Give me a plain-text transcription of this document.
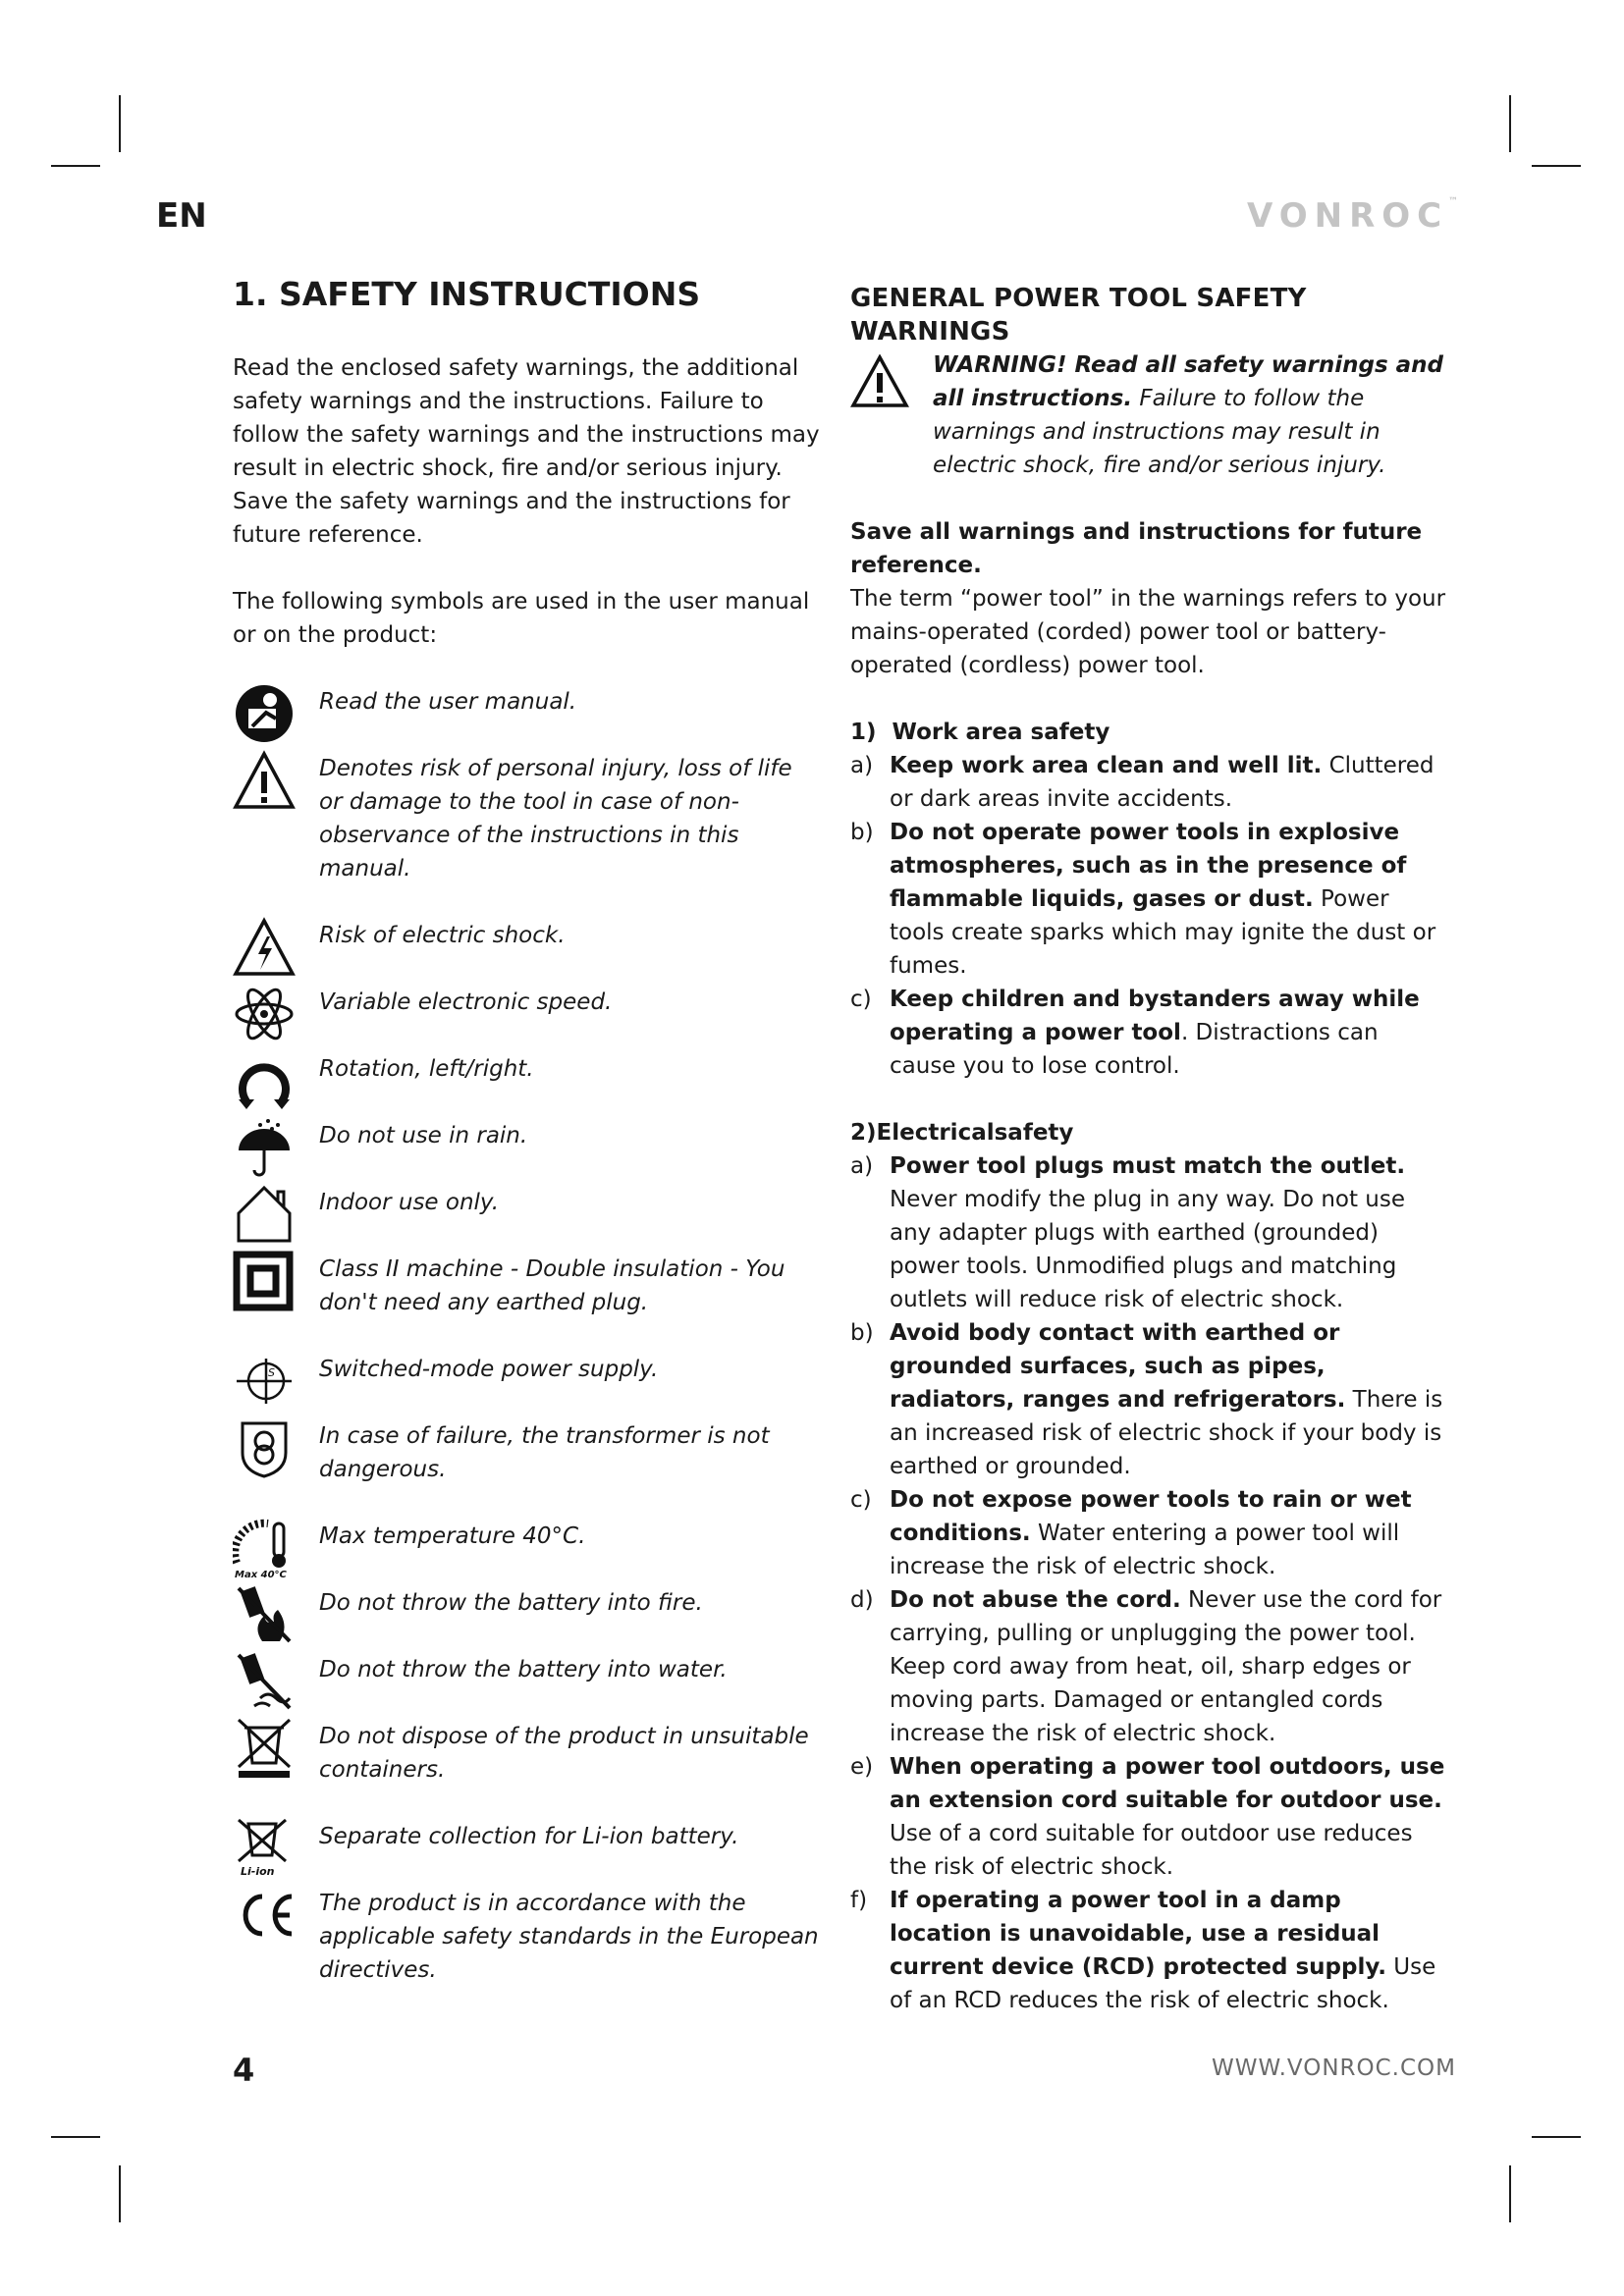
EN	VONROC™
1. SAFETY INSTRUCTIONS

Read the enclosed safety warnings, the additional safety warnings and the instructions. Failure to follow the safety warnings and the instructions may result in electric shock, fire and/or serious injury. Save the safety warnings and the instructions for future reference.

The following symbols are used in the user manual or on the product:

Read the user manual.
Denotes risk of personal injury, loss of life or damage to the tool in case of non-observance of the instructions in this manual.
Risk of electric shock.
Variable electronic speed.
Rotation, left/right.
Do not use in rain.
Indoor use only.
Class II machine - Double insulation - You don't need any earthed plug.
S Switched-mode power supply.
In case of failure, the transformer is not dangerous.
Max 40°C
Max temperature 40°C.
Do not throw the battery into fire.
Do not throw the battery into water.
Do not dispose of the product in unsuitable containers.
Li-ion
Separate collection for Li-ion battery.
The product is in accordance with the applicable safety standards in the European directives.
GENERAL POWER TOOL SAFETY WARNINGS
WARNING! Read all safety warnings and all instructions. Failure to follow the warnings and instructions may result in electric shock, fire and/or serious injury.
Save all warnings and instructions for future reference.

The term “power tool” in the warnings refers to your mains-operated (corded) power tool or battery-operated (cordless) power tool.

1)  Work area safety
a) Keep work area clean and well lit. Cluttered or dark areas invite accidents.
b) Do not operate power tools in explosive atmospheres, such as in the presence of flammable liquids, gases or dust. Power tools create sparks which may ignite the dust or fumes.
c) Keep children and bystanders away while operating a power tool. Distractions can cause you to lose control.
2)Electricalsafety
a) Power tool plugs must match the outlet. Never modify the plug in any way. Do not use any adapter plugs with earthed (grounded) power tools. Unmodified plugs and matching outlets will reduce risk of electric shock.
b) Avoid body contact with earthed or grounded surfaces, such as pipes, radiators, ranges and refrigerators. There is an increased risk of electric shock if your body is earthed or grounded.
c) Do not expose power tools to rain or wet conditions. Water entering a power tool will increase the risk of electric shock.
d) Do not abuse the cord. Never use the cord for carrying, pulling or unplugging the power tool. Keep cord away from heat, oil, sharp edges or moving parts. Damaged or entangled cords increase the risk of electric shock.
e) When operating a power tool outdoors, use an extension cord suitable for outdoor use. Use of a cord suitable for outdoor use reduces the risk of electric shock.
f) If operating a power tool in a damp location is unavoidable, use a residual current device (RCD) protected supply. Use of an RCD reduces the risk of electric shock.
4	WWW.VONROC.COM
